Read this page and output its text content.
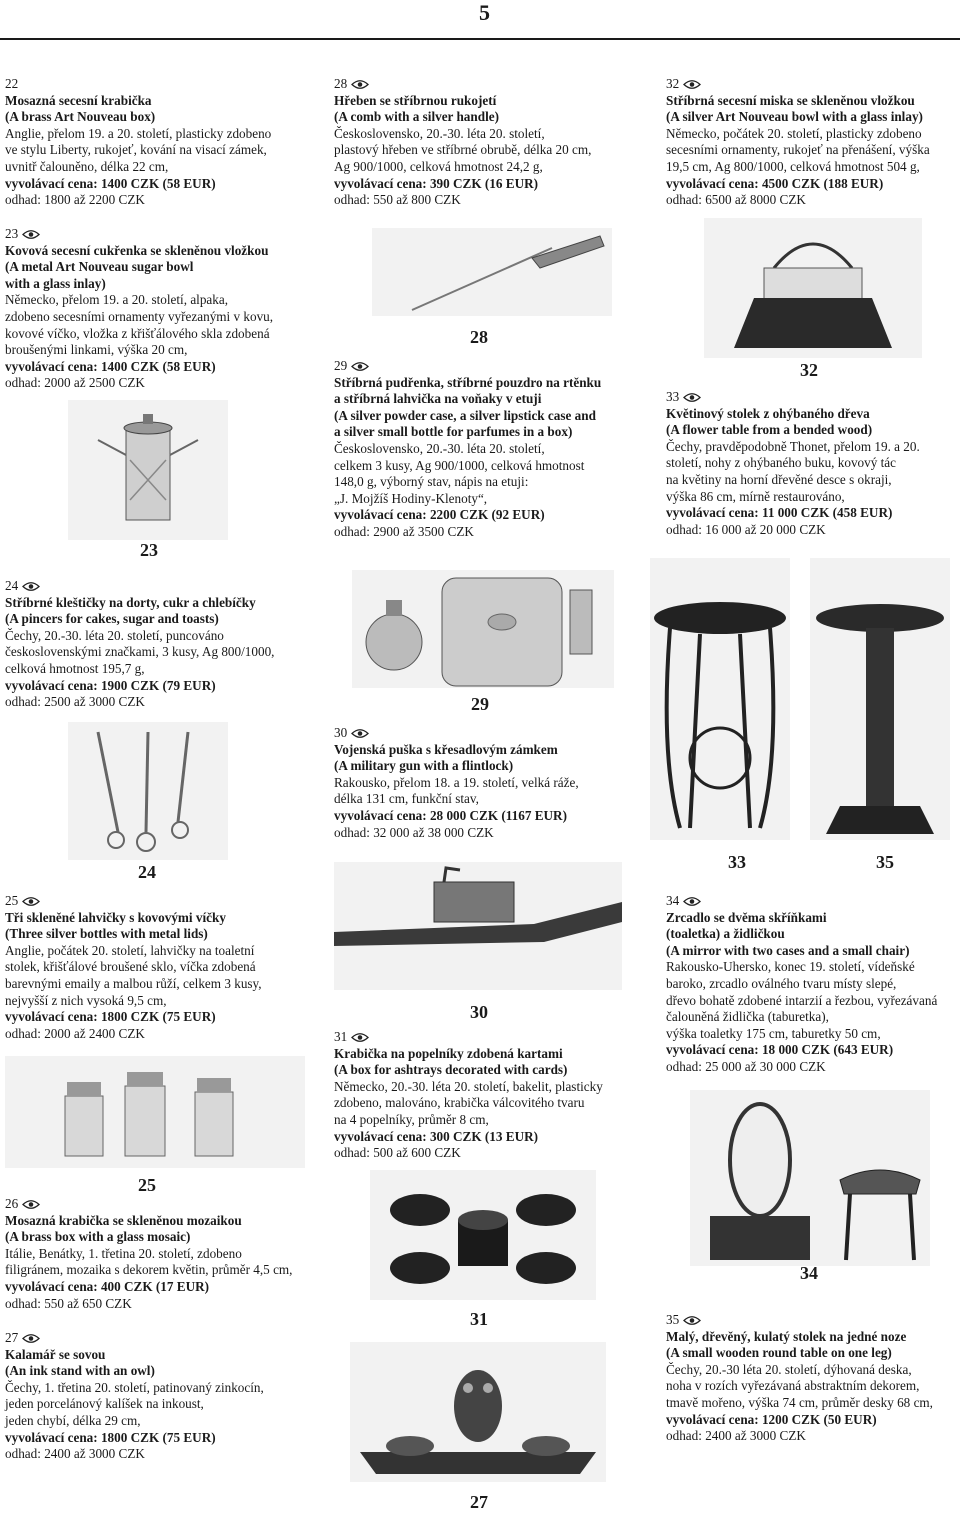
5
22
Mosazná secesní krabička
(A brass Art Nouveau box)
Anglie, přelom 19. a 20. století, plasticky zdobeno
ve stylu Liberty, rukojeť, kování na visací zámek,
uvnitř čalouněno, délka 22 cm,
vyvolávací cena: 1400 CZK (58 EUR)
odhad: 1800 až 2200 CZK
23
Kovová secesní cukřenka se skleněnou vložkou
(A metal Art Nouveau sugar bowl
with a glass inlay)
Německo, přelom 19. a 20. století, alpaka,
zdobeno secesními ornamenty vyřezanými v kovu,
kovové víčko, vložka z křišťálového skla zdobená
broušenými linkami, výška 20 cm,
vyvolávací cena: 1400 CZK (58 EUR)
odhad: 2000 až 2500 CZK
23
24
Stříbrné kleštičky na dorty, cukr a chlebíčky
(A pincers for cakes, sugar and toasts)
Čechy, 20.-30. léta 20. století, puncováno
československými značkami, 3 kusy, Ag 800/1000,
celková hmotnost 195,7 g,
vyvolávací cena: 1900 CZK (79 EUR)
odhad: 2500 až 3000 CZK
24
25
Tři skleněné lahvičky s kovovými víčky
(Three silver bottles with metal lids)
Anglie, počátek 20. století, lahvičky na toaletní
stolek, křišťálové broušené sklo, víčka zdobená
barevnými emaily a malbou růží, celkem 3 kusy,
nejvyšší z nich vysoká 9,5 cm,
vyvolávací cena: 1800 CZK (75 EUR)
odhad: 2000 až 2400 CZK
25
26
Mosazná krabička se skleněnou mozaikou
(A brass box with a glass mosaic)
Itálie, Benátky, 1. třetina 20. století, zdobeno
filigránem, mozaika s dekorem květin, průměr 4,5 cm,
vyvolávací cena: 400 CZK (17 EUR)
odhad: 550 až 650 CZK
27
Kalamář se sovou
(An ink stand with an owl)
Čechy, 1. třetina 20. století, patinovaný zinkocín,
jeden porcelánový kalíšek na inkoust,
jeden chybí, délka 29 cm,
vyvolávací cena: 1800 CZK (75 EUR)
odhad: 2400 až 3000 CZK
28
Hřeben se stříbrnou rukojetí
(A comb with a silver handle)
Československo, 20.-30. léta 20. století,
plastový hřeben ve stříbrné obrubě, délka 20 cm,
Ag 900/1000, celková hmotnost 24,2 g,
vyvolávací cena: 390 CZK (16 EUR)
odhad: 550 až 800 CZK
28
29
Stříbrná pudřenka, stříbrné pouzdro na rtěnku
a stříbrná lahvička na voňaky v etuji
(A silver powder case, a silver lipstick case and
a silver small bottle for parfumes in a box)
Československo, 20.-30. léta 20. století,
celkem 3 kusy, Ag 900/1000, celková hmotnost
148,0 g, výborný stav, nápis na etuji:
„J. Mojžíš Hodiny-Klenoty“,
vyvolávací cena: 2200 CZK (92 EUR)
odhad: 2900 až 3500 CZK
29
30
Vojenská puška s křesadlovým zámkem
(A military gun with a flintlock)
Rakousko, přelom 18. a 19. století, velká ráže,
délka 131 cm, funkční stav,
vyvolávací cena: 28 000 CZK (1167 EUR)
odhad: 32 000 až 38 000 CZK
30
31
Krabička na popelníky zdobená kartami
(A box for ashtrays decorated with cards)
Německo, 20.-30. léta 20. století, bakelit, plasticky
zdobeno, malováno, krabička válcovitého tvaru
na 4 popelníky, průměr 8 cm,
vyvolávací cena: 300 CZK (13 EUR)
odhad: 500 až 600 CZK
31
27
32
Stříbrná secesní miska se skleněnou vložkou
(A silver Art Nouveau bowl with a glass inlay)
Německo, počátek 20. století, plasticky zdobeno
secesními ornamenty, rukojeť na přenášení, výška
19,5 cm, Ag 800/1000, celková hmotnost 504 g,
vyvolávací cena: 4500 CZK (188 EUR)
odhad: 6500 až 8000 CZK
32
33
Květinový stolek z ohýbaného dřeva
(A flower table from a bended wood)
Čechy, pravděpodobně Thonet, přelom 19. a 20.
století, nohy z ohýbaného buku, kovový tác
na květiny na horní dřevěné desce s okraji,
výška 86 cm, mírně restaurováno,
vyvolávací cena: 11 000 CZK (458 EUR)
odhad: 16 000 až 20 000 CZK
33	35
34
Zrcadlo se dvěma skříňkami
(toaletka) a židličkou
(A mirror with two cases and a small chair)
Rakousko-Uhersko, konec 19. století, vídeňské
baroko, zrcadlo oválného tvaru místy slepé,
dřevo bohatě zdobené intarzií a řezbou, vyřezávaná
čalouněná židlička (taburetka),
výška toaletky 175 cm, taburetky 50 cm,
vyvolávací cena: 18 000 CZK (643 EUR)
odhad: 25 000 až 30 000 CZK
34
35
Malý, dřevěný, kulatý stolek na jedné noze
(A small wooden round table on one leg)
Čechy, 20.-30 léta 20. století, dýhovaná deska,
noha v rozích vyřezávaná abstraktním dekorem,
tmavě mořeno, výška 74 cm, průměr desky 68 cm,
vyvolávací cena: 1200 CZK (50 EUR)
odhad: 2400 až 3000 CZK
